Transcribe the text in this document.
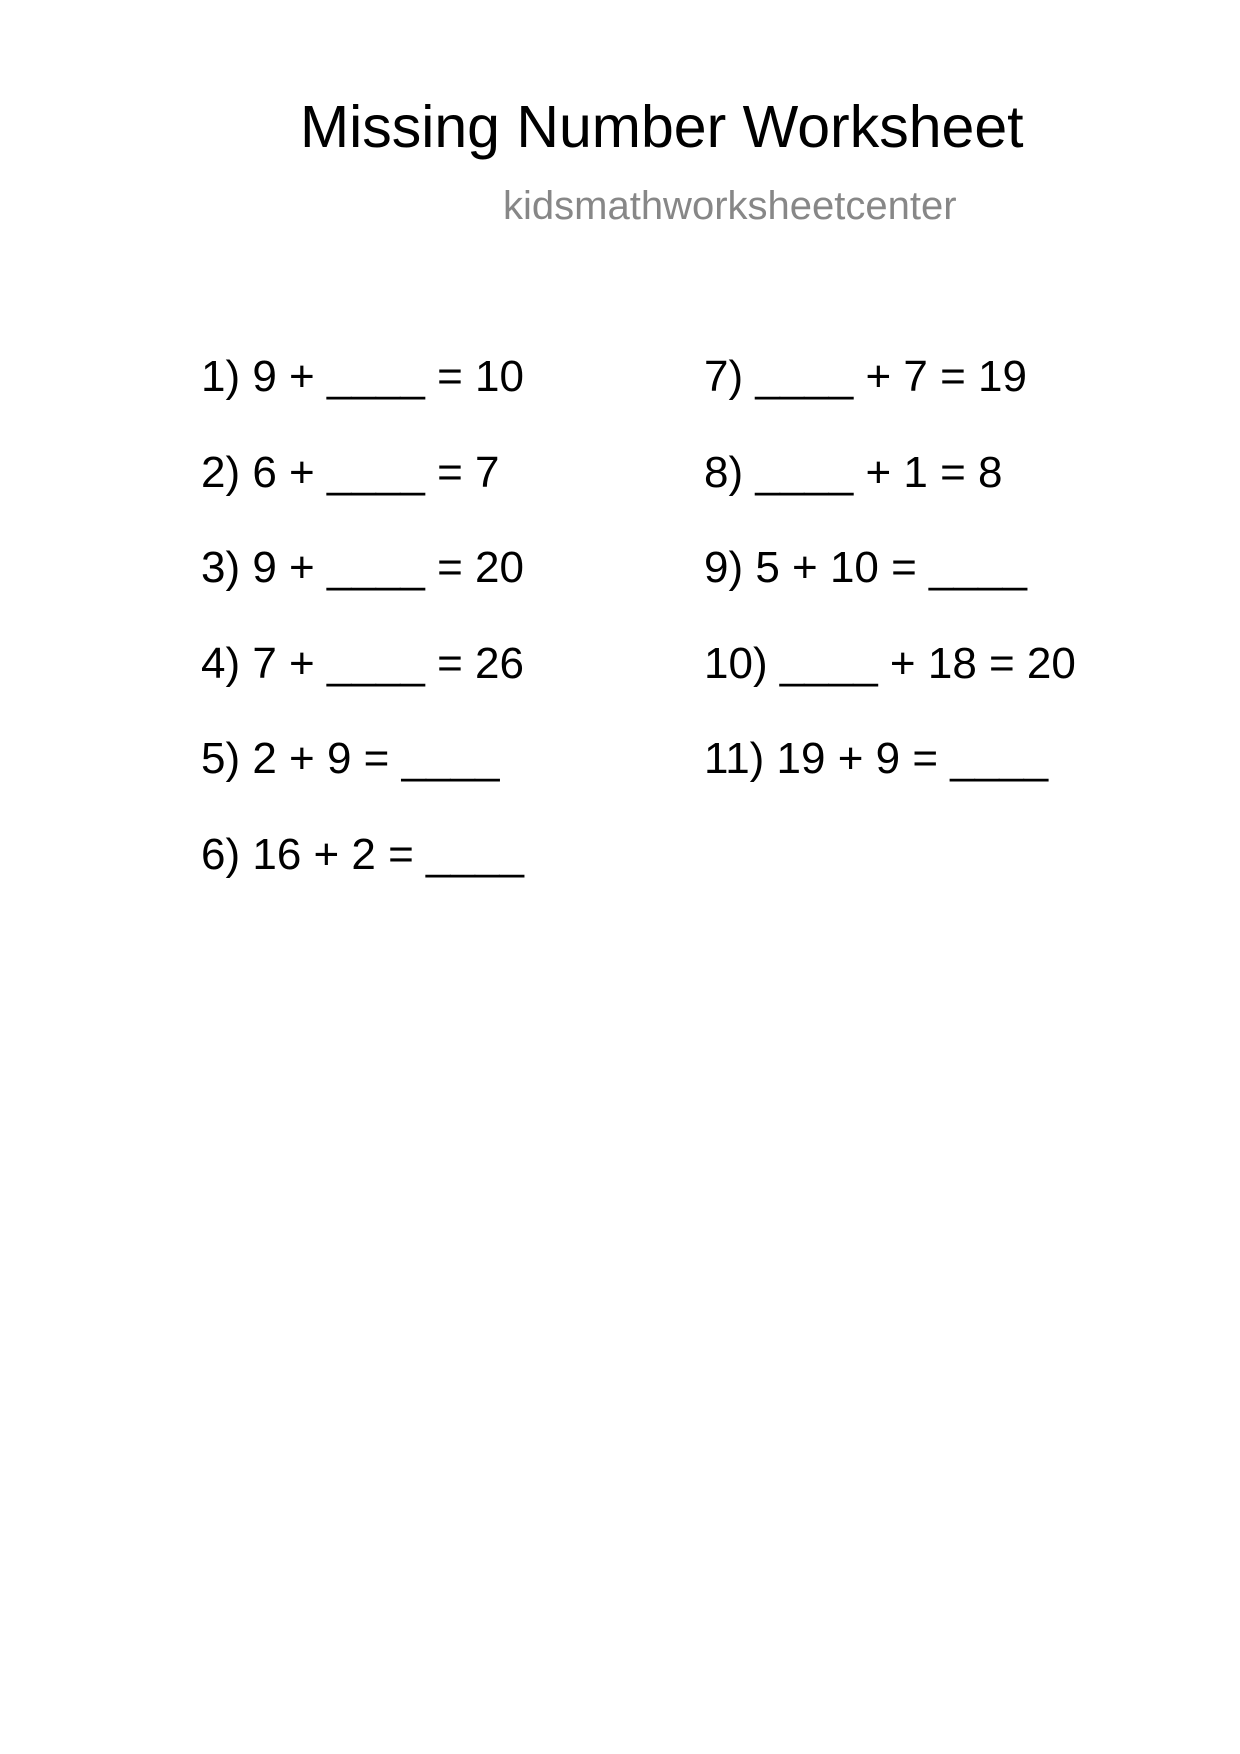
Missing Number Worksheet
kidsmathworksheetcenter
1) 9 + ____ = 10
2) 6 + ____ = 7
3) 9 + ____ = 20
4) 7 + ____ = 26
5) 2 + 9 = ____
6) 16 + 2 = ____
7) ____ + 7 = 19
8) ____ + 1 = 8
9) 5 + 10 = ____
10) ____ + 18 = 20
11) 19 + 9 = ____
